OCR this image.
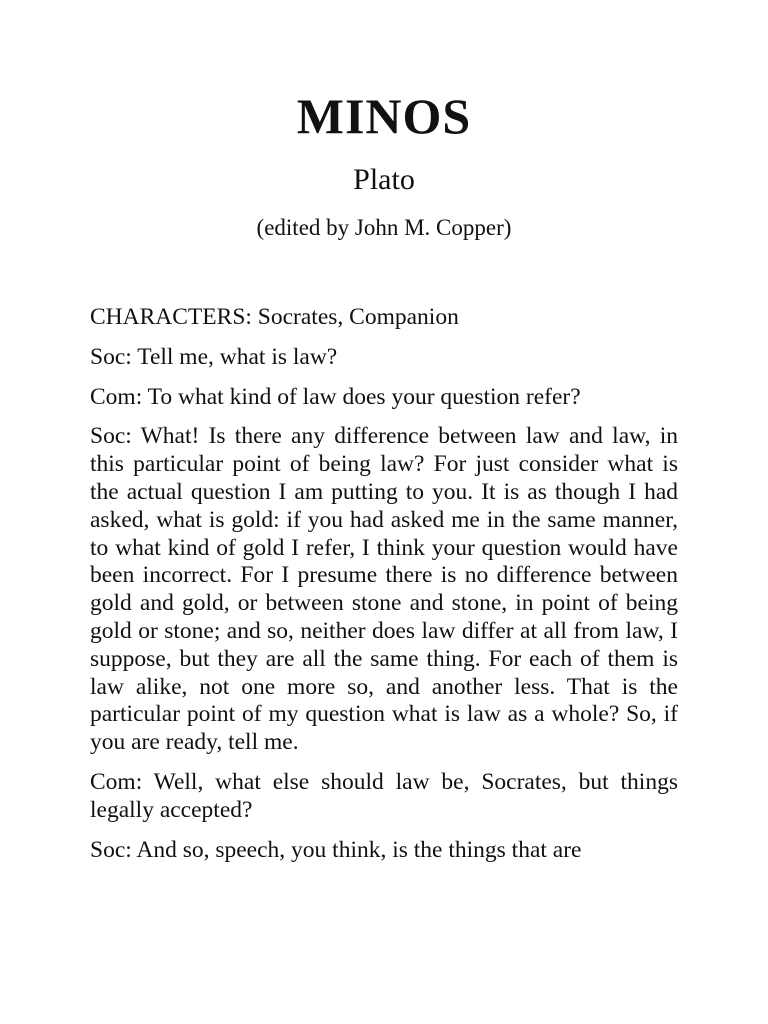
MINOS
Plato
(edited by John M. Copper)

CHARACTERS: Socrates, Companion

Soc: Tell me, what is law?

Com: To what kind of law does your question refer?

Soc: What! Is there any difference between law and law, in this particular point of being law? For just consider what is the actual question I am putting to you. It is as though I had asked, what is gold: if you had asked me in the same manner, to what kind of gold I refer, I think your question would have been incorrect. For I presume there is no difference between gold and gold, or between stone and stone, in point of being gold or stone; and so, neither does law differ at all from law, I suppose, but they are all the same thing. For each of them is law alike, not one more so, and another less. That is the particular point of my question what is law as a whole? So, if you are ready, tell me.

Com: Well, what else should law be, Socrates, but things legally accepted?

Soc: And so, speech, you think, is the things that are
